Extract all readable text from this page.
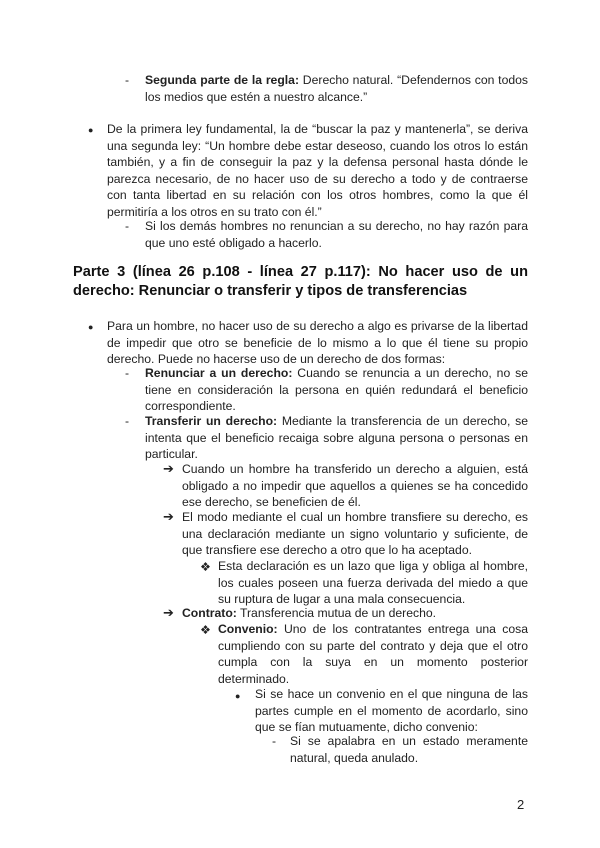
- Segunda parte de la regla: Derecho natural. “Defendernos con todos los medios que estén a nuestro alcance.”
● De la primera ley fundamental, la de “buscar la paz y mantenerla”, se deriva una segunda ley: “Un hombre debe estar deseoso, cuando los otros lo están también, y a fin de conseguir la paz y la defensa personal hasta dónde le parezca necesario, de no hacer uso de su derecho a todo y de contraerse con tanta libertad en su relación con los otros hombres, como la que él permitiría a los otros en su trato con él.”
- Si los demás hombres no renuncian a su derecho, no hay razón para que uno esté obligado a hacerlo.
Parte 3 (línea 26 p.108 - línea 27 p.117): No hacer uso de un derecho: Renunciar o transferir y tipos de transferencias
● Para un hombre, no hacer uso de su derecho a algo es privarse de la libertad de impedir que otro se beneficie de lo mismo a lo que él tiene su propio derecho. Puede no hacerse uso de un derecho de dos formas:
- Renunciar a un derecho: Cuando se renuncia a un derecho, no se tiene en consideración la persona en quién redundará el beneficio correspondiente.
- Transferir un derecho: Mediante la transferencia de un derecho, se intenta que el beneficio recaiga sobre alguna persona o personas en particular.
➔ Cuando un hombre ha transferido un derecho a alguien, está obligado a no impedir que aquellos a quienes se ha concedido ese derecho, se beneficien de él.
➔ El modo mediante el cual un hombre transfiere su derecho, es una declaración mediante un signo voluntario y suficiente, de que transfiere ese derecho a otro que lo ha aceptado.
❖ Esta declaración es un lazo que liga y obliga al hombre, los cuales poseen una fuerza derivada del miedo a que su ruptura de lugar a una mala consecuencia.
➔ Contrato: Transferencia mutua de un derecho.
❖ Convenio: Uno de los contratantes entrega una cosa cumpliendo con su parte del contrato y deja que el otro cumpla con la suya en un momento posterior determinado.
● Si se hace un convenio en el que ninguna de las partes cumple en el momento de acordarlo, sino que se fían mutuamente, dicho convenio:
- Si se apalabra en un estado meramente natural, queda anulado.
2
